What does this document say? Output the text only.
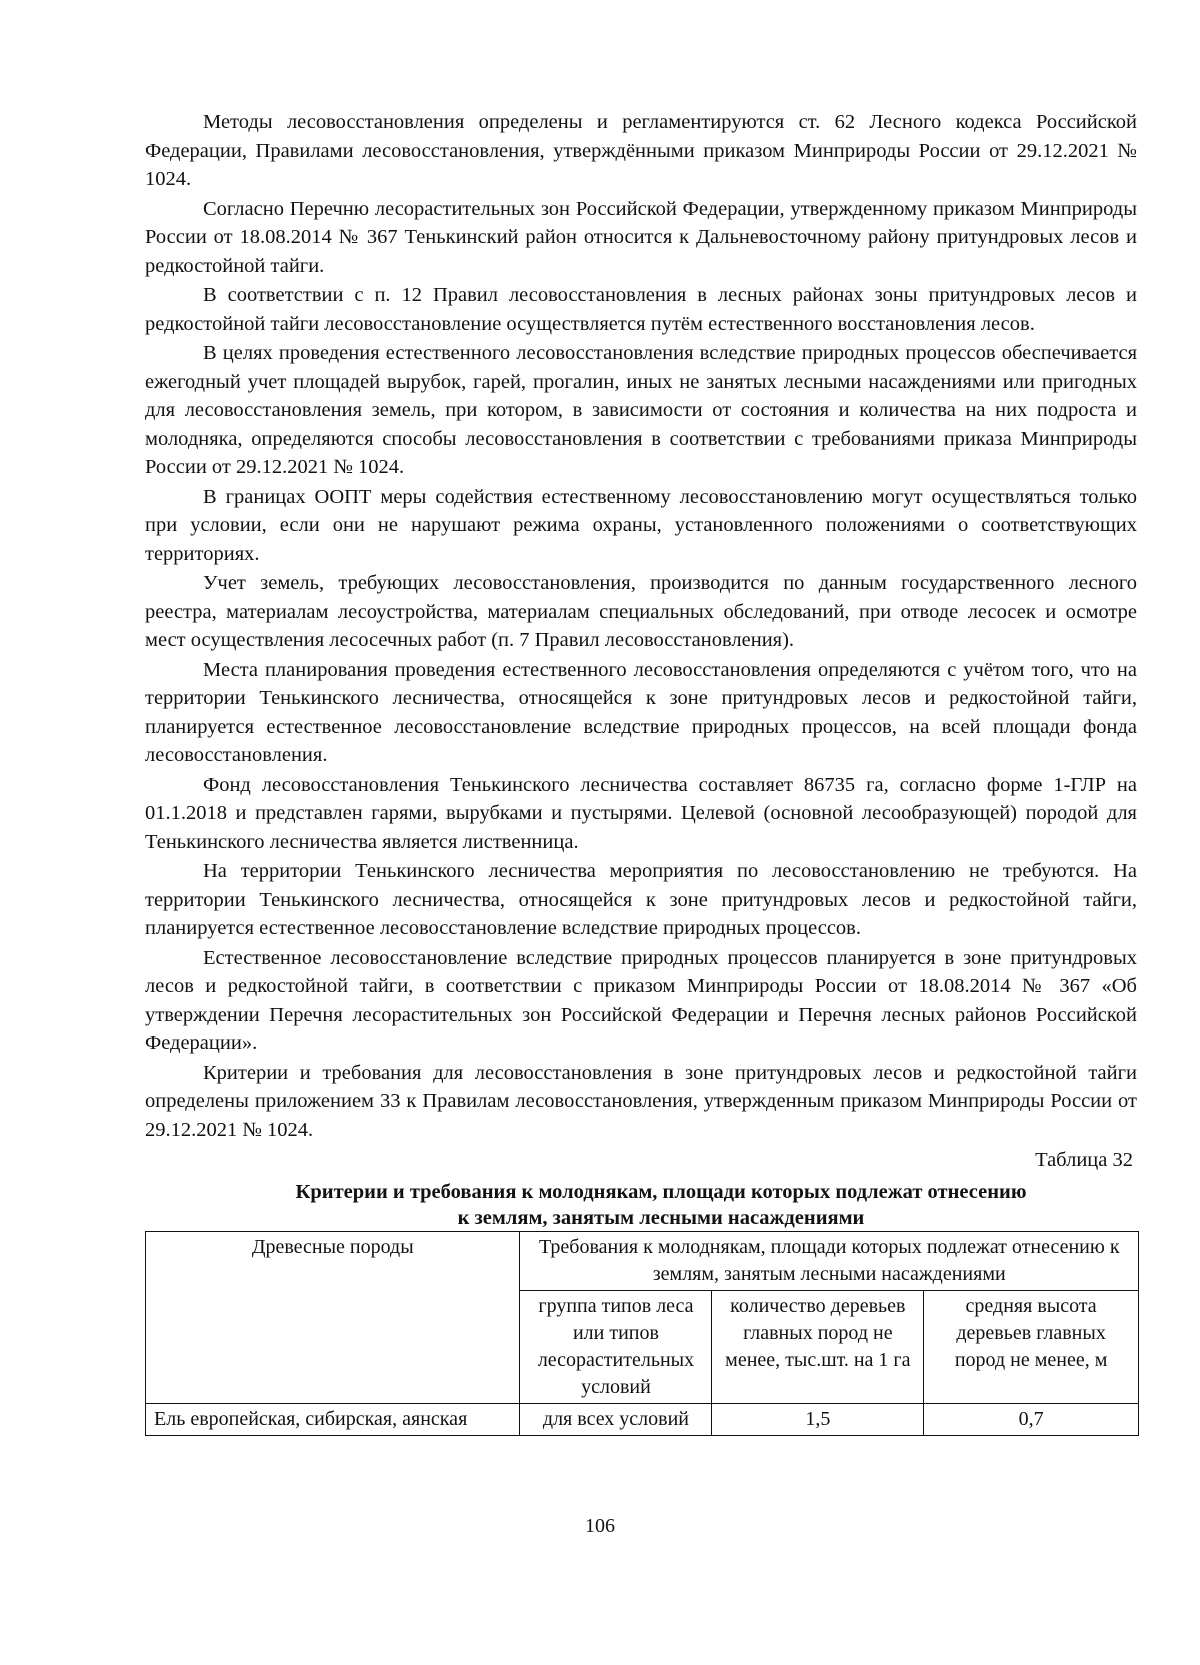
Методы лесовосстановления определены и регламентируются ст. 62 Лесного кодекса Российской Федерации, Правилами лесовосстановления, утверждёнными приказом Минприроды России от 29.12.2021 № 1024.

Согласно Перечню лесорастительных зон Российской Федерации, утвержденному приказом Минприроды России от 18.08.2014 № 367 Тенькинский район относится к Дальневосточному району притундровых лесов и редкостойной тайги.

В соответствии с п. 12 Правил лесовосстановления в лесных районах зоны притундровых лесов и редкостойной тайги лесовосстановление осуществляется путём естественного восстановления лесов.

В целях проведения естественного лесовосстановления вследствие природных процессов обеспечивается ежегодный учет площадей вырубок, гарей, прогалин, иных не занятых лесными насаждениями или пригодных для лесовосстановления земель, при котором, в зависимости от состояния и количества на них подроста и молодняка, определяются способы лесовосстановления в соответствии с требованиями приказа Минприроды России от 29.12.2021 № 1024.

В границах ООПТ меры содействия естественному лесовосстановлению могут осуществляться только при условии, если они не нарушают режима охраны, установленного положениями о соответствующих территориях.

Учет земель, требующих лесовосстановления, производится по данным государственного лесного реестра, материалам лесоустройства, материалам специальных обследований, при отводе лесосек и осмотре мест осуществления лесосечных работ (п. 7 Правил лесовосстановления).

Места планирования проведения естественного лесовосстановления определяются с учётом того, что на территории Тенькинского лесничества, относящейся к зоне притундровых лесов и редкостойной тайги, планируется естественное лесовосстановление вследствие природных процессов, на всей площади фонда лесовосстановления.

Фонд лесовосстановления Тенькинского лесничества составляет 86735 га, согласно форме 1-ГЛР на 01.1.2018 и представлен гарями, вырубками и пустырями. Целевой (основной лесообразующей) породой для Тенькинского лесничества является лиственница.

На территории Тенькинского лесничества мероприятия по лесовосстановлению не требуются. На территории Тенькинского лесничества, относящейся к зоне притундровых лесов и редкостойной тайги, планируется естественное лесовосстановление вследствие природных процессов.

Естественное лесовосстановление вследствие природных процессов планируется в зоне притундровых лесов и редкостойной тайги, в соответствии с приказом Минприроды России от 18.08.2014 № 367 «Об утверждении Перечня лесорастительных зон Российской Федерации и Перечня лесных районов Российской Федерации».

Критерии и требования для лесовосстановления в зоне притундровых лесов и редкостойной тайги определены приложением 33 к Правилам лесовосстановления, утвержденным приказом Минприроды России от 29.12.2021 № 1024.

Таблица 32
Критерии и требования к молоднякам, площади которых подлежат отнесению
к землям, занятым лесными насаждениями
Древесные породы	Требования к молоднякам, площади которых подлежат отнесению к землям, занятым лесными насаждениями		
	группа типов леса или типов лесорастительных условий	количество деревьев главных пород не менее, тыс.шт. на 1 га	средняя высота деревьев главных пород не менее, м
Ель европейская, сибирская, аянская	для всех условий	1,5	0,7
106
